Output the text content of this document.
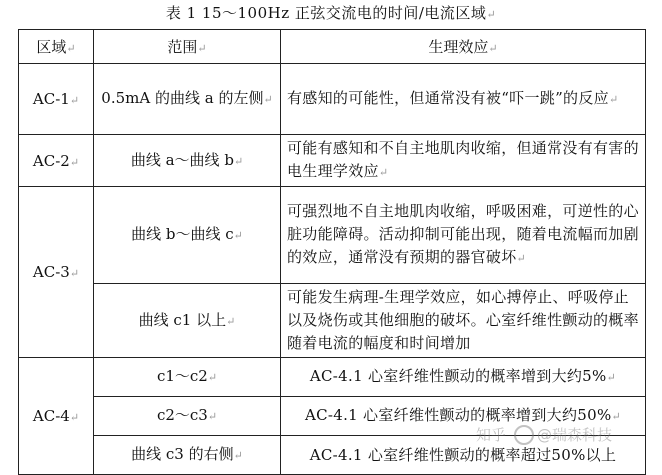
表 1 15～100Hz 正弦交流电的时间/电流区域↵
区域↵	范围↵	生理效应↵
AC-1↵	0.5mA 的曲线 a 的左侧↵	有感知的可能性，但通常没有被“吓一跳”的反应↵
AC-2↵	曲线 a～曲线 b↵	可能有感知和不自主地肌肉收缩，但通常没有有害的电生理学效应↵
AC-3↵	曲线 b～曲线 c↵	可强烈地不自主地肌肉收缩，呼吸困难，可逆性的心脏功能障碍。活动抑制可能出现，随着电流幅而加剧的效应，通常没有预期的器官破坏↵
	曲线 c1 以上↵	可能发生病理-生理学效应，如心搏停止、呼吸停止以及烧伤或其他细胞的破坏。心室纤维性颤动的概率随着电流的幅度和时间增加
AC-4↵	c1～c2↵	AC-4.1 心室纤维性颤动的概率增到大约5%↵
	c2～c3↵	AC-4.1 心室纤维性颤动的概率增到大约50%↵
	曲线 c3 的右侧↵	AC-4.1 心室纤维性颤动的概率超过50%以上
知乎 @瑞森科技
